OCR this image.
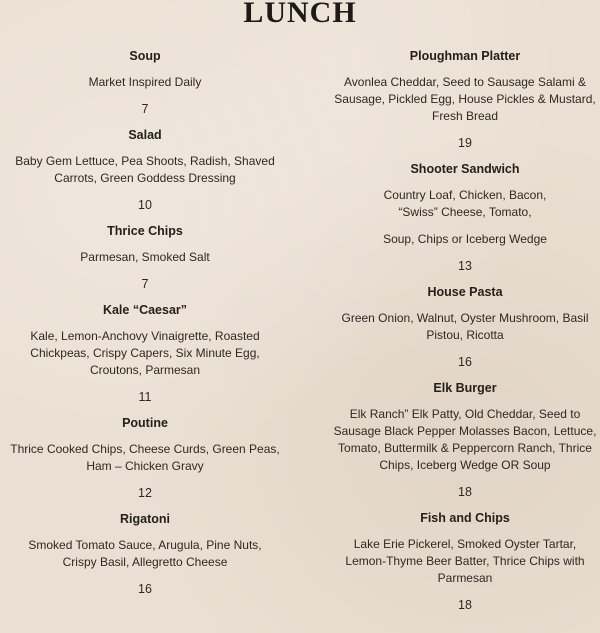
LUNCH

Soup

Market Inspired Daily

7

Salad

Baby Gem Lettuce, Pea Shoots, Radish, Shaved Carrots, Green Goddess Dressing

10

Thrice Chips

Parmesan, Smoked Salt

7

Kale “Caesar”

Kale, Lemon-Anchovy Vinaigrette, Roasted Chickpeas, Crispy Capers, Six Minute Egg, Croutons, Parmesan

11

Poutine

Thrice Cooked Chips, Cheese Curds, Green Peas, Ham – Chicken Gravy

12

Rigatoni

Smoked Tomato Sauce, Arugula, Pine Nuts, Crispy Basil, Allegretto Cheese

16

Ploughman Platter

Avonlea Cheddar, Seed to Sausage Salami & Sausage, Pickled Egg, House Pickles & Mustard, Fresh Bread

19

Shooter Sandwich

Country Loaf, Chicken, Bacon, “Swiss” Cheese, Tomato,

Soup, Chips or Iceberg Wedge

13

House Pasta

Green Onion, Walnut, Oyster Mushroom, Basil Pistou, Ricotta

16

Elk Burger

Elk Ranch” Elk Patty, Old Cheddar, Seed to Sausage Black Pepper Molasses Bacon, Lettuce, Tomato, Buttermilk & Peppercorn Ranch, Thrice Chips, Iceberg Wedge OR Soup

18

Fish and Chips

Lake Erie Pickerel, Smoked Oyster Tartar, Lemon-Thyme Beer Batter, Thrice Chips with Parmesan

18
